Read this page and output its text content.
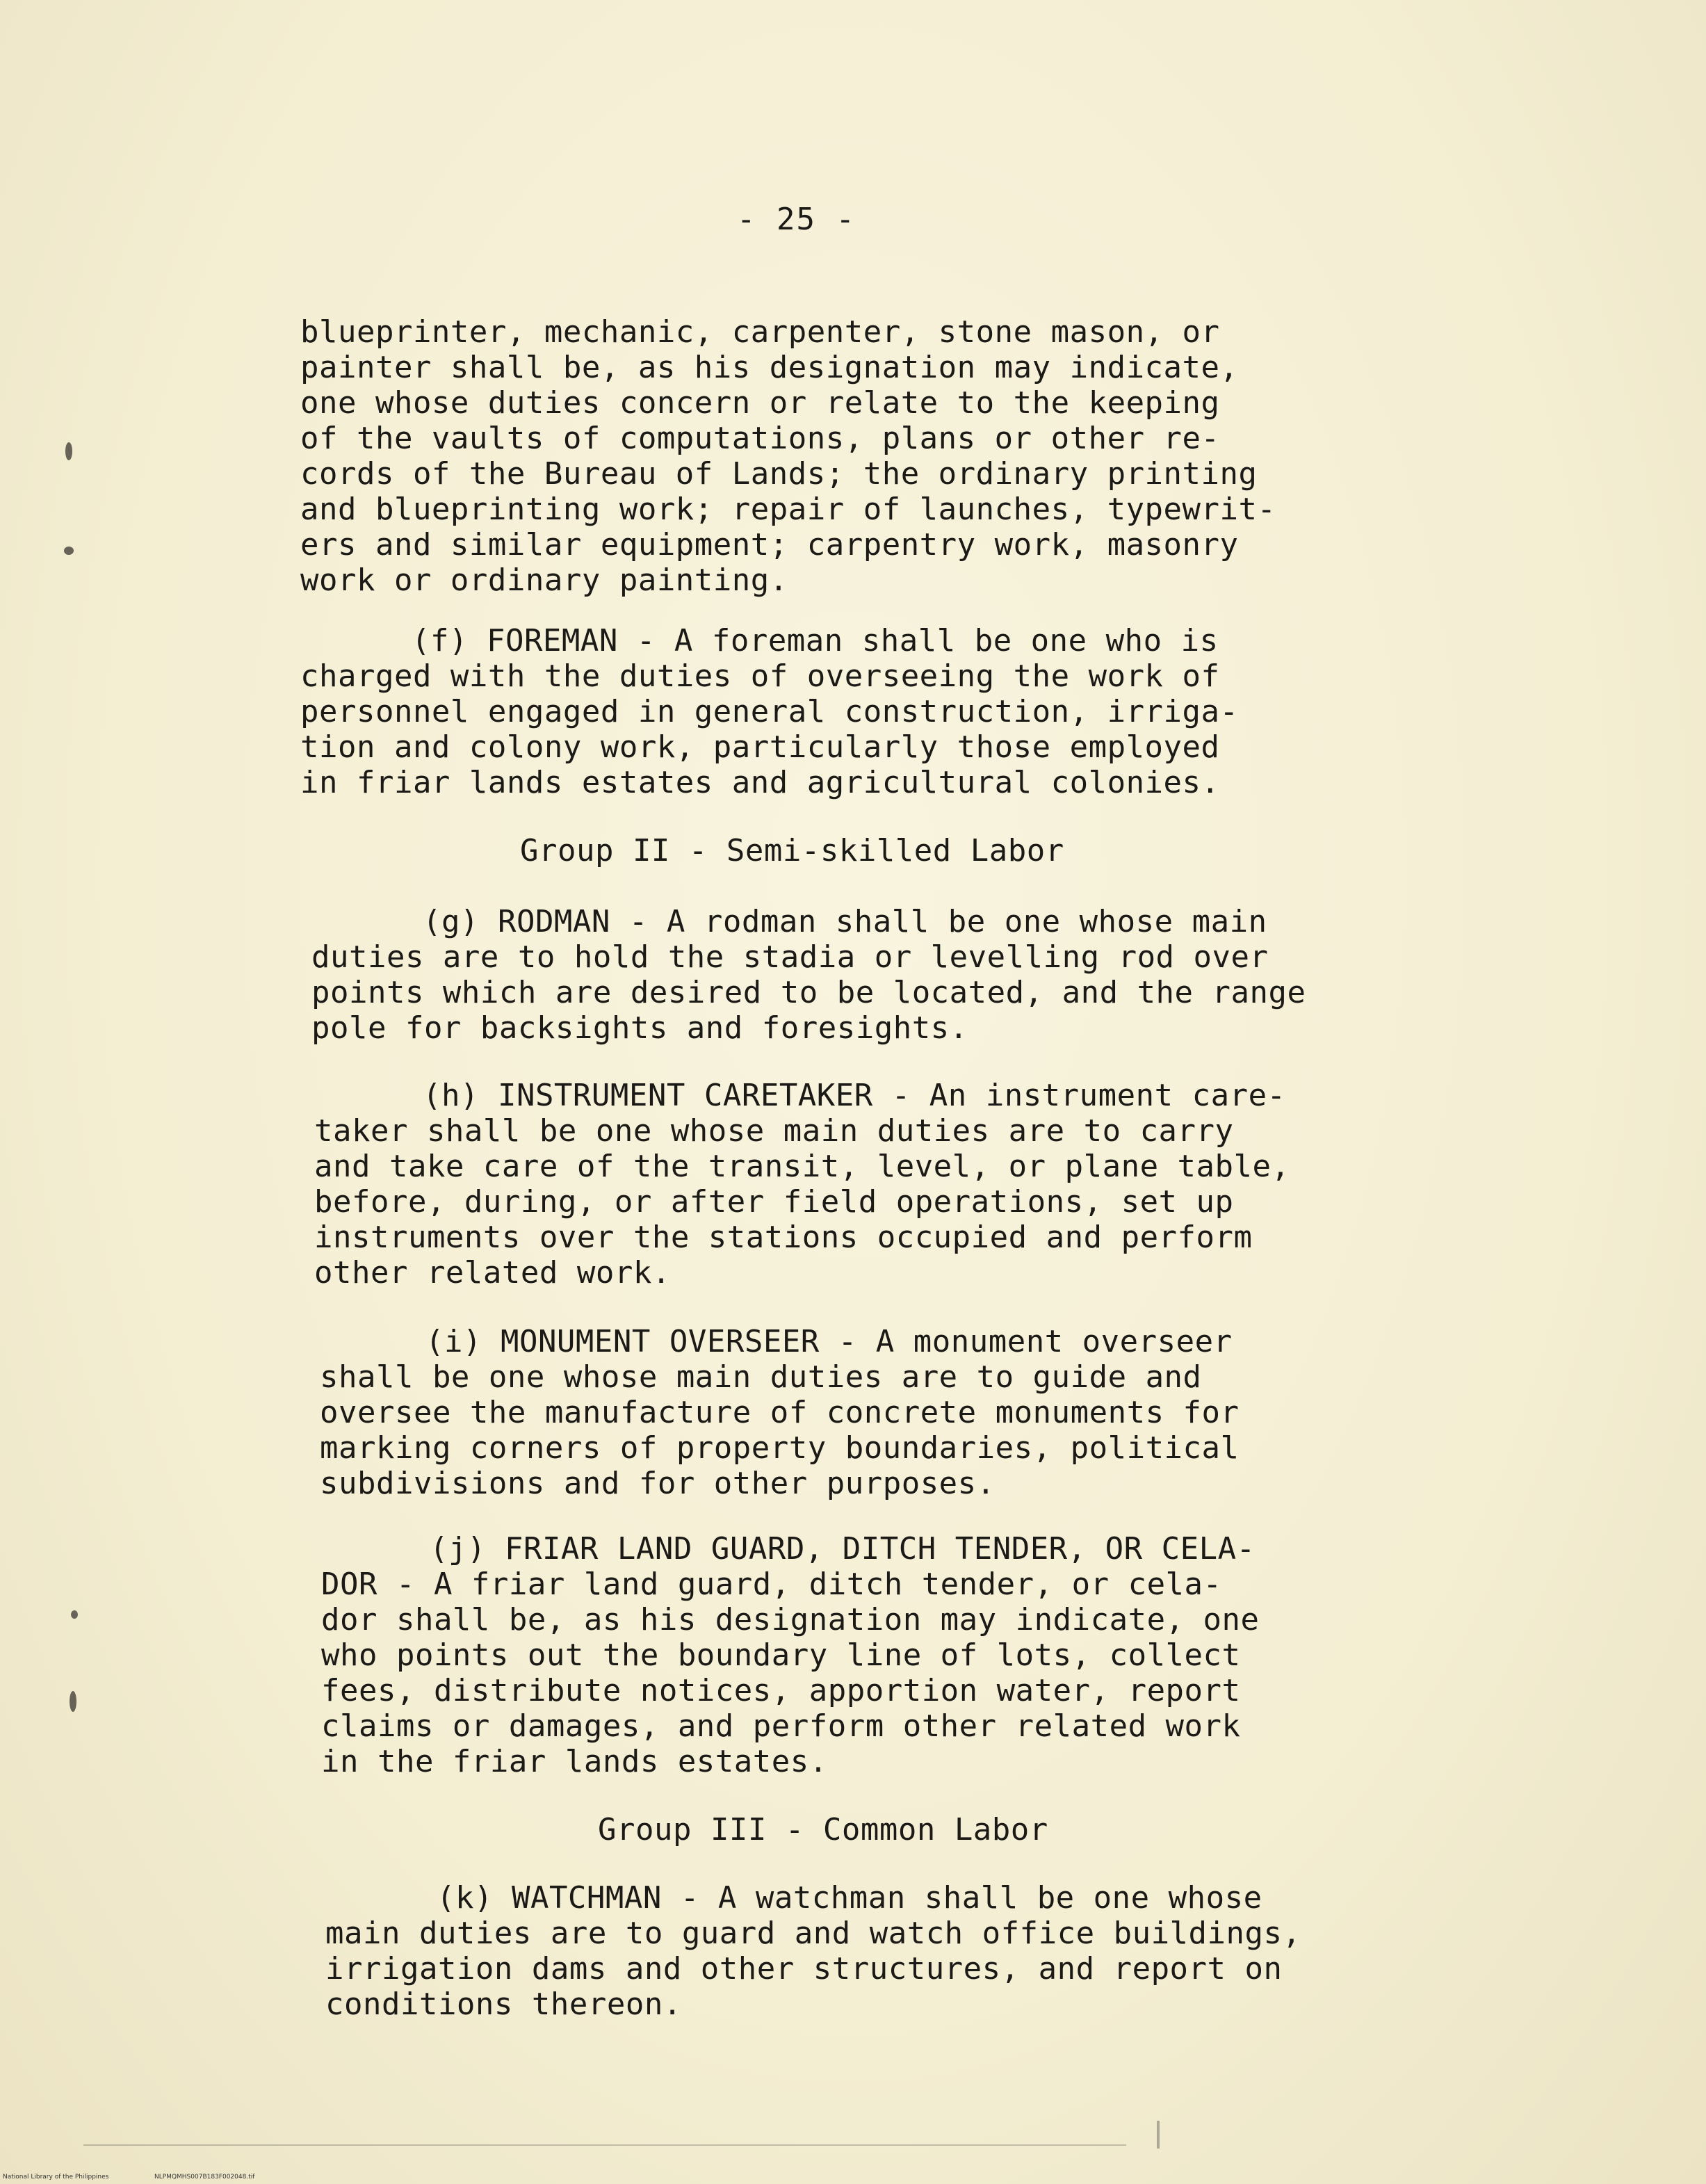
- 25 -
blueprinter, mechanic, carpenter, stone mason, or
painter shall be, as his designation may indicate,
one whose duties concern or relate to the keeping
of the vaults of computations, plans or other re-
cords of the Bureau of Lands; the ordinary printing
and blueprinting work; repair of launches, typewrit-
ers and similar equipment; carpentry work, masonry
work or ordinary painting.
(f) FOREMAN - A foreman shall be one who is
charged with the duties of overseeing the work of
personnel engaged in general construction, irriga-
tion and colony work, particularly those employed
in friar lands estates and agricultural colonies.
Group II - Semi-skilled Labor
(g) RODMAN - A rodman shall be one whose main
duties are to hold the stadia or levelling rod over
points which are desired to be located, and the range
pole for backsights and foresights.
(h) INSTRUMENT CARETAKER - An instrument care-
taker shall be one whose main duties are to carry
and take care of the transit, level, or plane table,
before, during, or after field operations, set up
instruments over the stations occupied and perform
other related work.
(i) MONUMENT OVERSEER - A monument overseer
shall be one whose main duties are to guide and
oversee the manufacture of concrete monuments for
marking corners of property boundaries, political
subdivisions and for other purposes.
(j) FRIAR LAND GUARD, DITCH TENDER, OR CELA-
DOR - A friar land guard, ditch tender, or cela-
dor shall be, as his designation may indicate, one
who points out the boundary line of lots, collect
fees, distribute notices, apportion water, report
claims or damages, and perform other related work
in the friar lands estates.
Group III - Common Labor
(k) WATCHMAN - A watchman shall be one whose
main duties are to guard and watch office buildings,
irrigation dams and other structures, and report on
conditions thereon.
National Library of the Philippines	NLPMQMHS007B183F002048.tif
